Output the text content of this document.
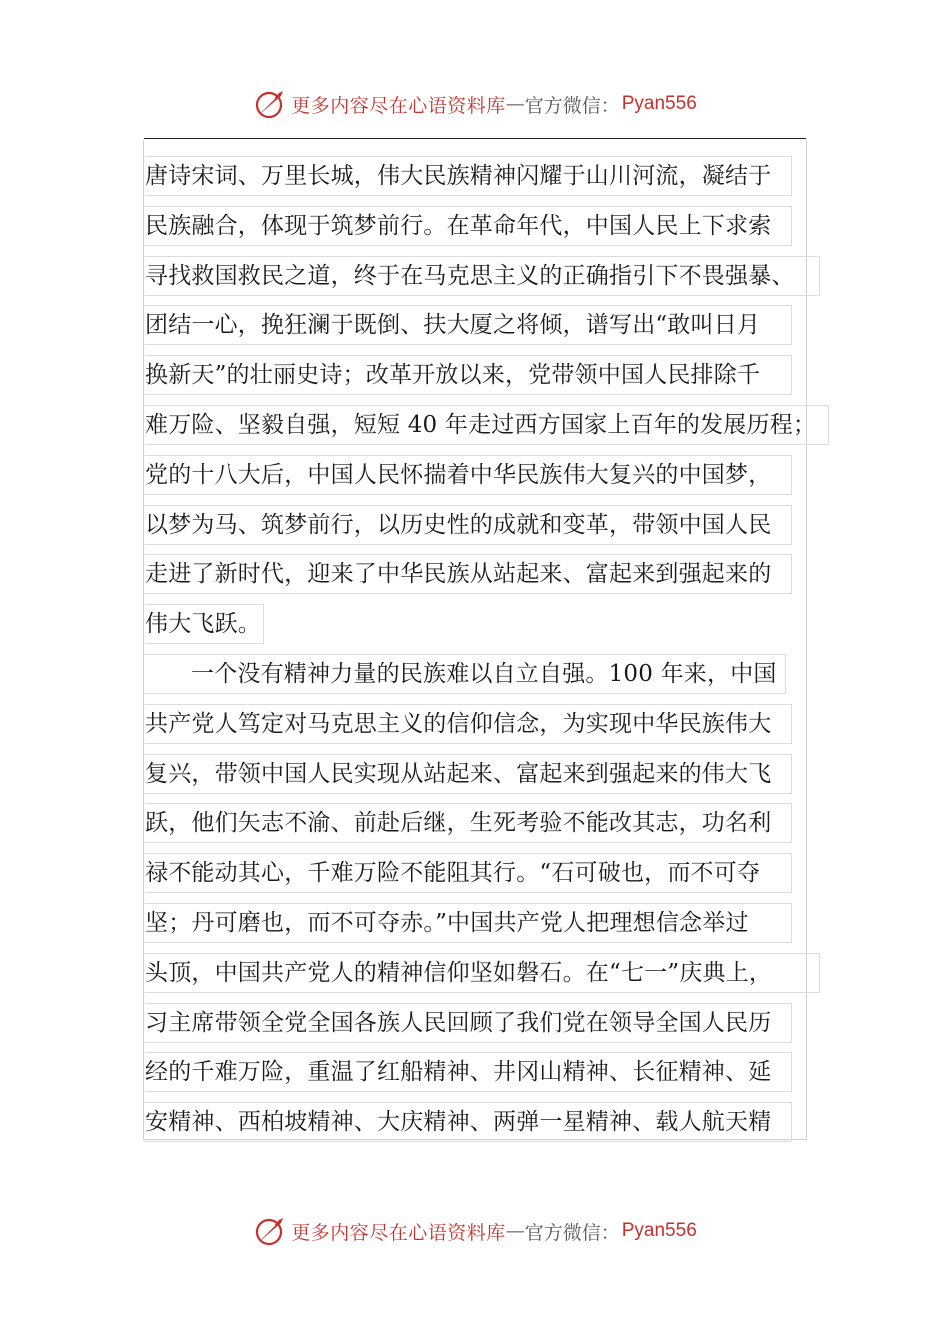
更多内容尽在心语资料库 — 官方微信： Pyan556
唐诗宋词、万里长城，伟大民族精神闪耀于山川河流，凝结于
民族融合，体现于筑梦前行。在革命年代，中国人民上下求索
寻找救国救民之道，终于在马克思主义的正确指引下不畏强暴、
团结一心，挽狂澜于既倒、扶大厦之将倾，谱写出“敢叫日月
换新天”的壮丽史诗；改革开放以来，党带领中国人民排除千
难万险、坚毅自强，短短 40 年走过西方国家上百年的发展历程；
党的十八大后，中国人民怀揣着中华民族伟大复兴的中国梦，
以梦为马、筑梦前行，以历史性的成就和变革，带领中国人民
走进了新时代，迎来了中华民族从站起来、富起来到强起来的
伟大飞跃。
一个没有精神力量的民族难以自立自强。100 年来，中国
共产党人笃定对马克思主义的信仰信念，为实现中华民族伟大
复兴，带领中国人民实现从站起来、富起来到强起来的伟大飞
跃，他们矢志不渝、前赴后继，生死考验不能改其志，功名利
禄不能动其心，千难万险不能阻其行。“石可破也，而不可夺
坚；丹可磨也，而不可夺赤。”中国共产党人把理想信念举过
头顶，中国共产党人的精神信仰坚如磐石。在“七一”庆典上，
习主席带领全党全国各族人民回顾了我们党在领导全国人民历
经的千难万险，重温了红船精神、井冈山精神、长征精神、延
安精神、西柏坡精神、大庆精神、两弹一星精神、载人航天精
更多内容尽在心语资料库 — 官方微信： Pyan556
